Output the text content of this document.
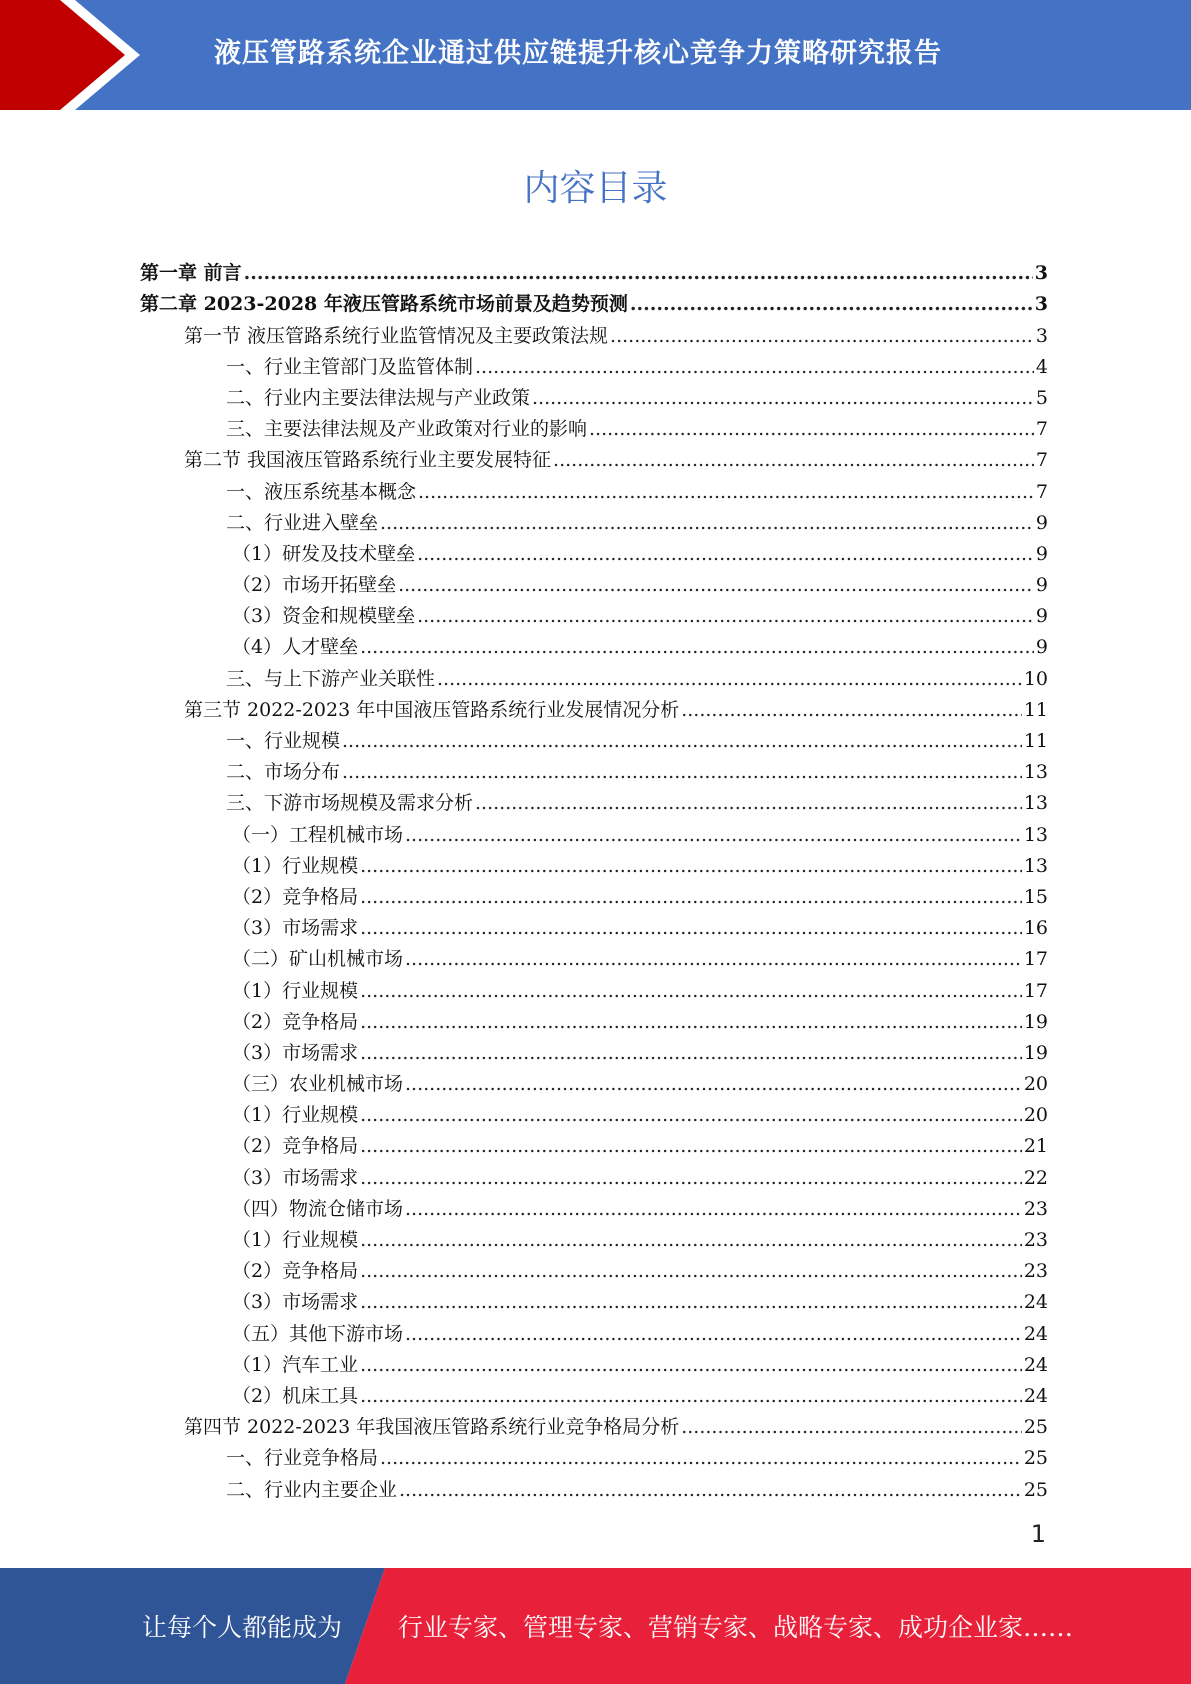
液压管路系统企业通过供应链提升核心竞争力策略研究报告
内容目录
第一章 前言 .....	3
第二章 2023-2028 年液压管路系统市场前景及趋势预测 .....	3
第一节 液压管路系统行业监管情况及主要政策法规 .....	3
一、行业主管部门及监管体制 .....	4
二、行业内主要法律法规与产业政策 .....	5
三、主要法律法规及产业政策对行业的影响 .....	7
第二节 我国液压管路系统行业主要发展特征 .....	7
一、液压系统基本概念 .....	7
二、行业进入壁垒 .....	9
（1）研发及技术壁垒 .....	9
（2）市场开拓壁垒 .....	9
（3）资金和规模壁垒 .....	9
（4）人才壁垒 .....	9
三、与上下游产业关联性 .....	10
第三节 2022-2023 年中国液压管路系统行业发展情况分析 .....	11
一、行业规模 .....	11
二、市场分布 .....	13
三、下游市场规模及需求分析 .....	13
（一）工程机械市场 .....	13
（1）行业规模 .....	13
（2）竞争格局 .....	15
（3）市场需求 .....	16
（二）矿山机械市场 .....	17
（1）行业规模 .....	17
（2）竞争格局 .....	19
（3）市场需求 .....	19
（三）农业机械市场 .....	20
（1）行业规模 .....	20
（2）竞争格局 .....	21
（3）市场需求 .....	22
（四）物流仓储市场 .....	23
（1）行业规模 .....	23
（2）竞争格局 .....	23
（3）市场需求 .....	24
（五）其他下游市场 .....	24
（1）汽车工业 .....	24
（2）机床工具 .....	24
第四节 2022-2023 年我国液压管路系统行业竞争格局分析 .....	25
一、行业竞争格局 .....	25
二、行业内主要企业 .....	25
1
让每个人都能成为 行业专家、管理专家、营销专家、战略专家、成功企业家……
